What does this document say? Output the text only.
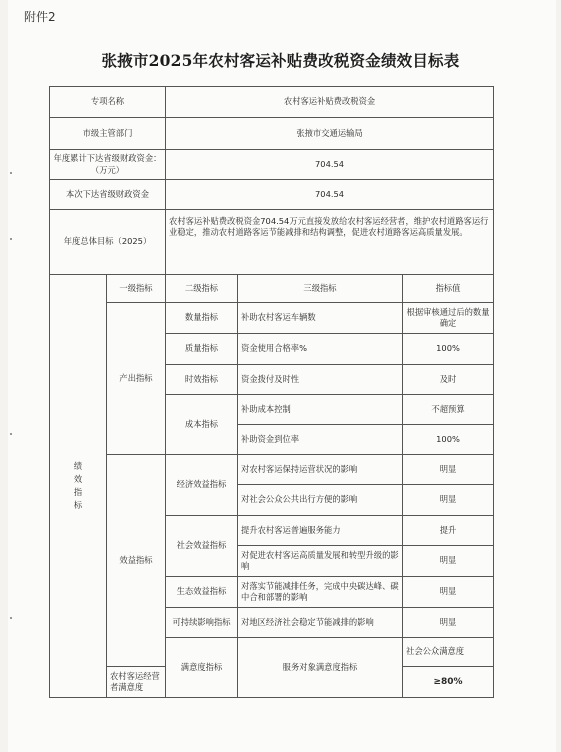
附件2
张掖市2025年农村客运补贴费改税资金绩效目标表
专项名称		农村客运补贴费改税资金			
市级主管部门		张掖市交通运输局			
年度累计下达省级财政资金：（万元）		704.54			
本次下达省级财政资金		704.54			
年度总体目标（2025）		农村客运补贴费改税资金704.54万元直接发放给农村客运经营者，维护农村道路客运行业稳定，推动农村道路客运节能减排和结构调整，促进农村道路客运高质量发展。			

绩
效
指
标	一级指标	二级指标	三级指标	指标值	
	产出指标	数量指标	补助农村客运车辆数	根据审核通过后的数量确定	
		质量指标	资金使用合格率%	100%	
		时效指标	资金拨付及时性	及时	
		成本指标	补助成本控制	不超预算	
			补助资金到位率	100%	
	效益指标	经济效益指标	对农村客运保持运营状况的影响	明显	
			对社会公众公共出行方便的影响	明显	
		社会效益指标	提升农村客运普遍服务能力	提升	
			对促进农村客运高质量发展和转型升级的影响	明显	
		生态效益指标	对落实节能减排任务，完成中央碳达峰、碳中合和部署的影响	明显	
		可持续影响指标	对地区经济社会稳定节能减排的影响	明显	
		满意度指标	服务对象满意度指标	社会公众满意度	
	农村客运经营者满意度			≥80%	
